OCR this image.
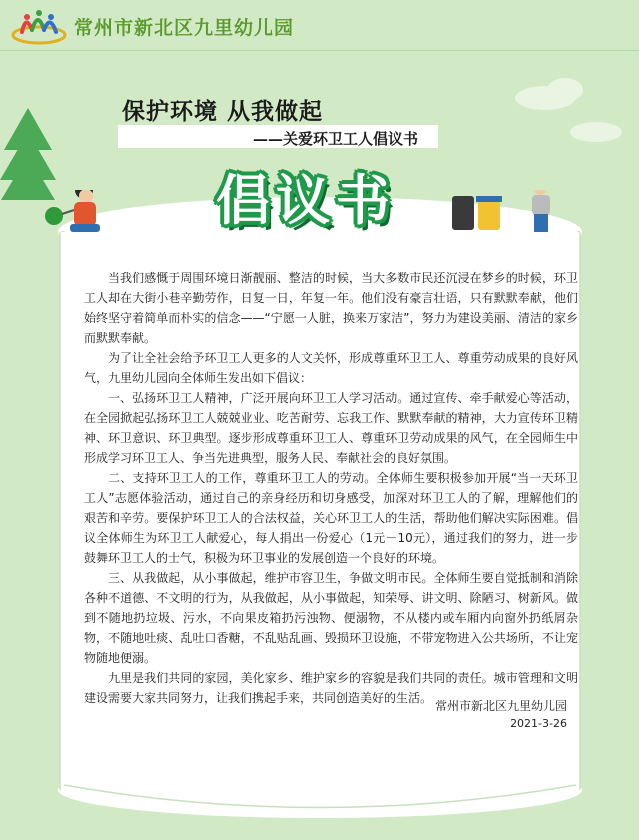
常州市新北区九里幼儿园
保护环境 从我做起

——关爱环卫工人倡议书

倡议书

当我们感慨于周围环境日渐靓丽、整洁的时候，当大多数市民还沉浸在梦乡的时候，环卫工人却在大街小巷辛勤劳作，日复一日，年复一年。他们没有豪言壮语，只有默默奉献，他们始终坚守着简单而朴实的信念——“宁愿一人脏，换来万家洁”，努力为建设美丽、清洁的家乡而默默奉献。

为了让全社会给予环卫工人更多的人文关怀，形成尊重环卫工人、尊重劳动成果的良好风气，九里幼儿园向全体师生发出如下倡议：

一、弘扬环卫工人精神，广泛开展向环卫工人学习活动。通过宣传、牵手献爱心等活动，在全园掀起弘扬环卫工人兢兢业业、吃苦耐劳、忘我工作、默默奉献的精神，大力宣传环卫精神、环卫意识、环卫典型。逐步形成尊重环卫工人、尊重环卫劳动成果的风气，在全园师生中形成学习环卫工人、争当先进典型，服务人民、奉献社会的良好氛围。

二、支持环卫工人的工作，尊重环卫工人的劳动。全体师生要积极参加开展“当一天环卫工人”志愿体验活动，通过自己的亲身经历和切身感受，加深对环卫工人的了解，理解他们的艰苦和辛劳。要保护环卫工人的合法权益，关心环卫工人的生活，帮助他们解决实际困难。倡议全体师生为环卫工人献爱心，每人捐出一份爱心（1元－10元），通过我们的努力，进一步鼓舞环卫工人的士气，积极为环卫事业的发展创造一个良好的环境。

三、从我做起，从小事做起，维护市容卫生，争做文明市民。全体师生要自觉抵制和消除各种不道德、不文明的行为，从我做起，从小事做起，知荣辱、讲文明、除陋习、树新风。做到不随地扔垃圾、污水，不向果皮箱扔污浊物、便溺物，不从楼内或车厢内向窗外扔纸屑杂物，不随地吐痰、乱吐口香糖，不乱贴乱画、毁损环卫设施，不带宠物进入公共场所，不让宠物随地便溺。

九里是我们共同的家园，美化家乡、维护家乡的容貌是我们共同的责任。城市管理和文明建设需要大家共同努力，让我们携起手来，共同创造美好的生活。

常州市新北区九里幼儿园

2021-3-26
